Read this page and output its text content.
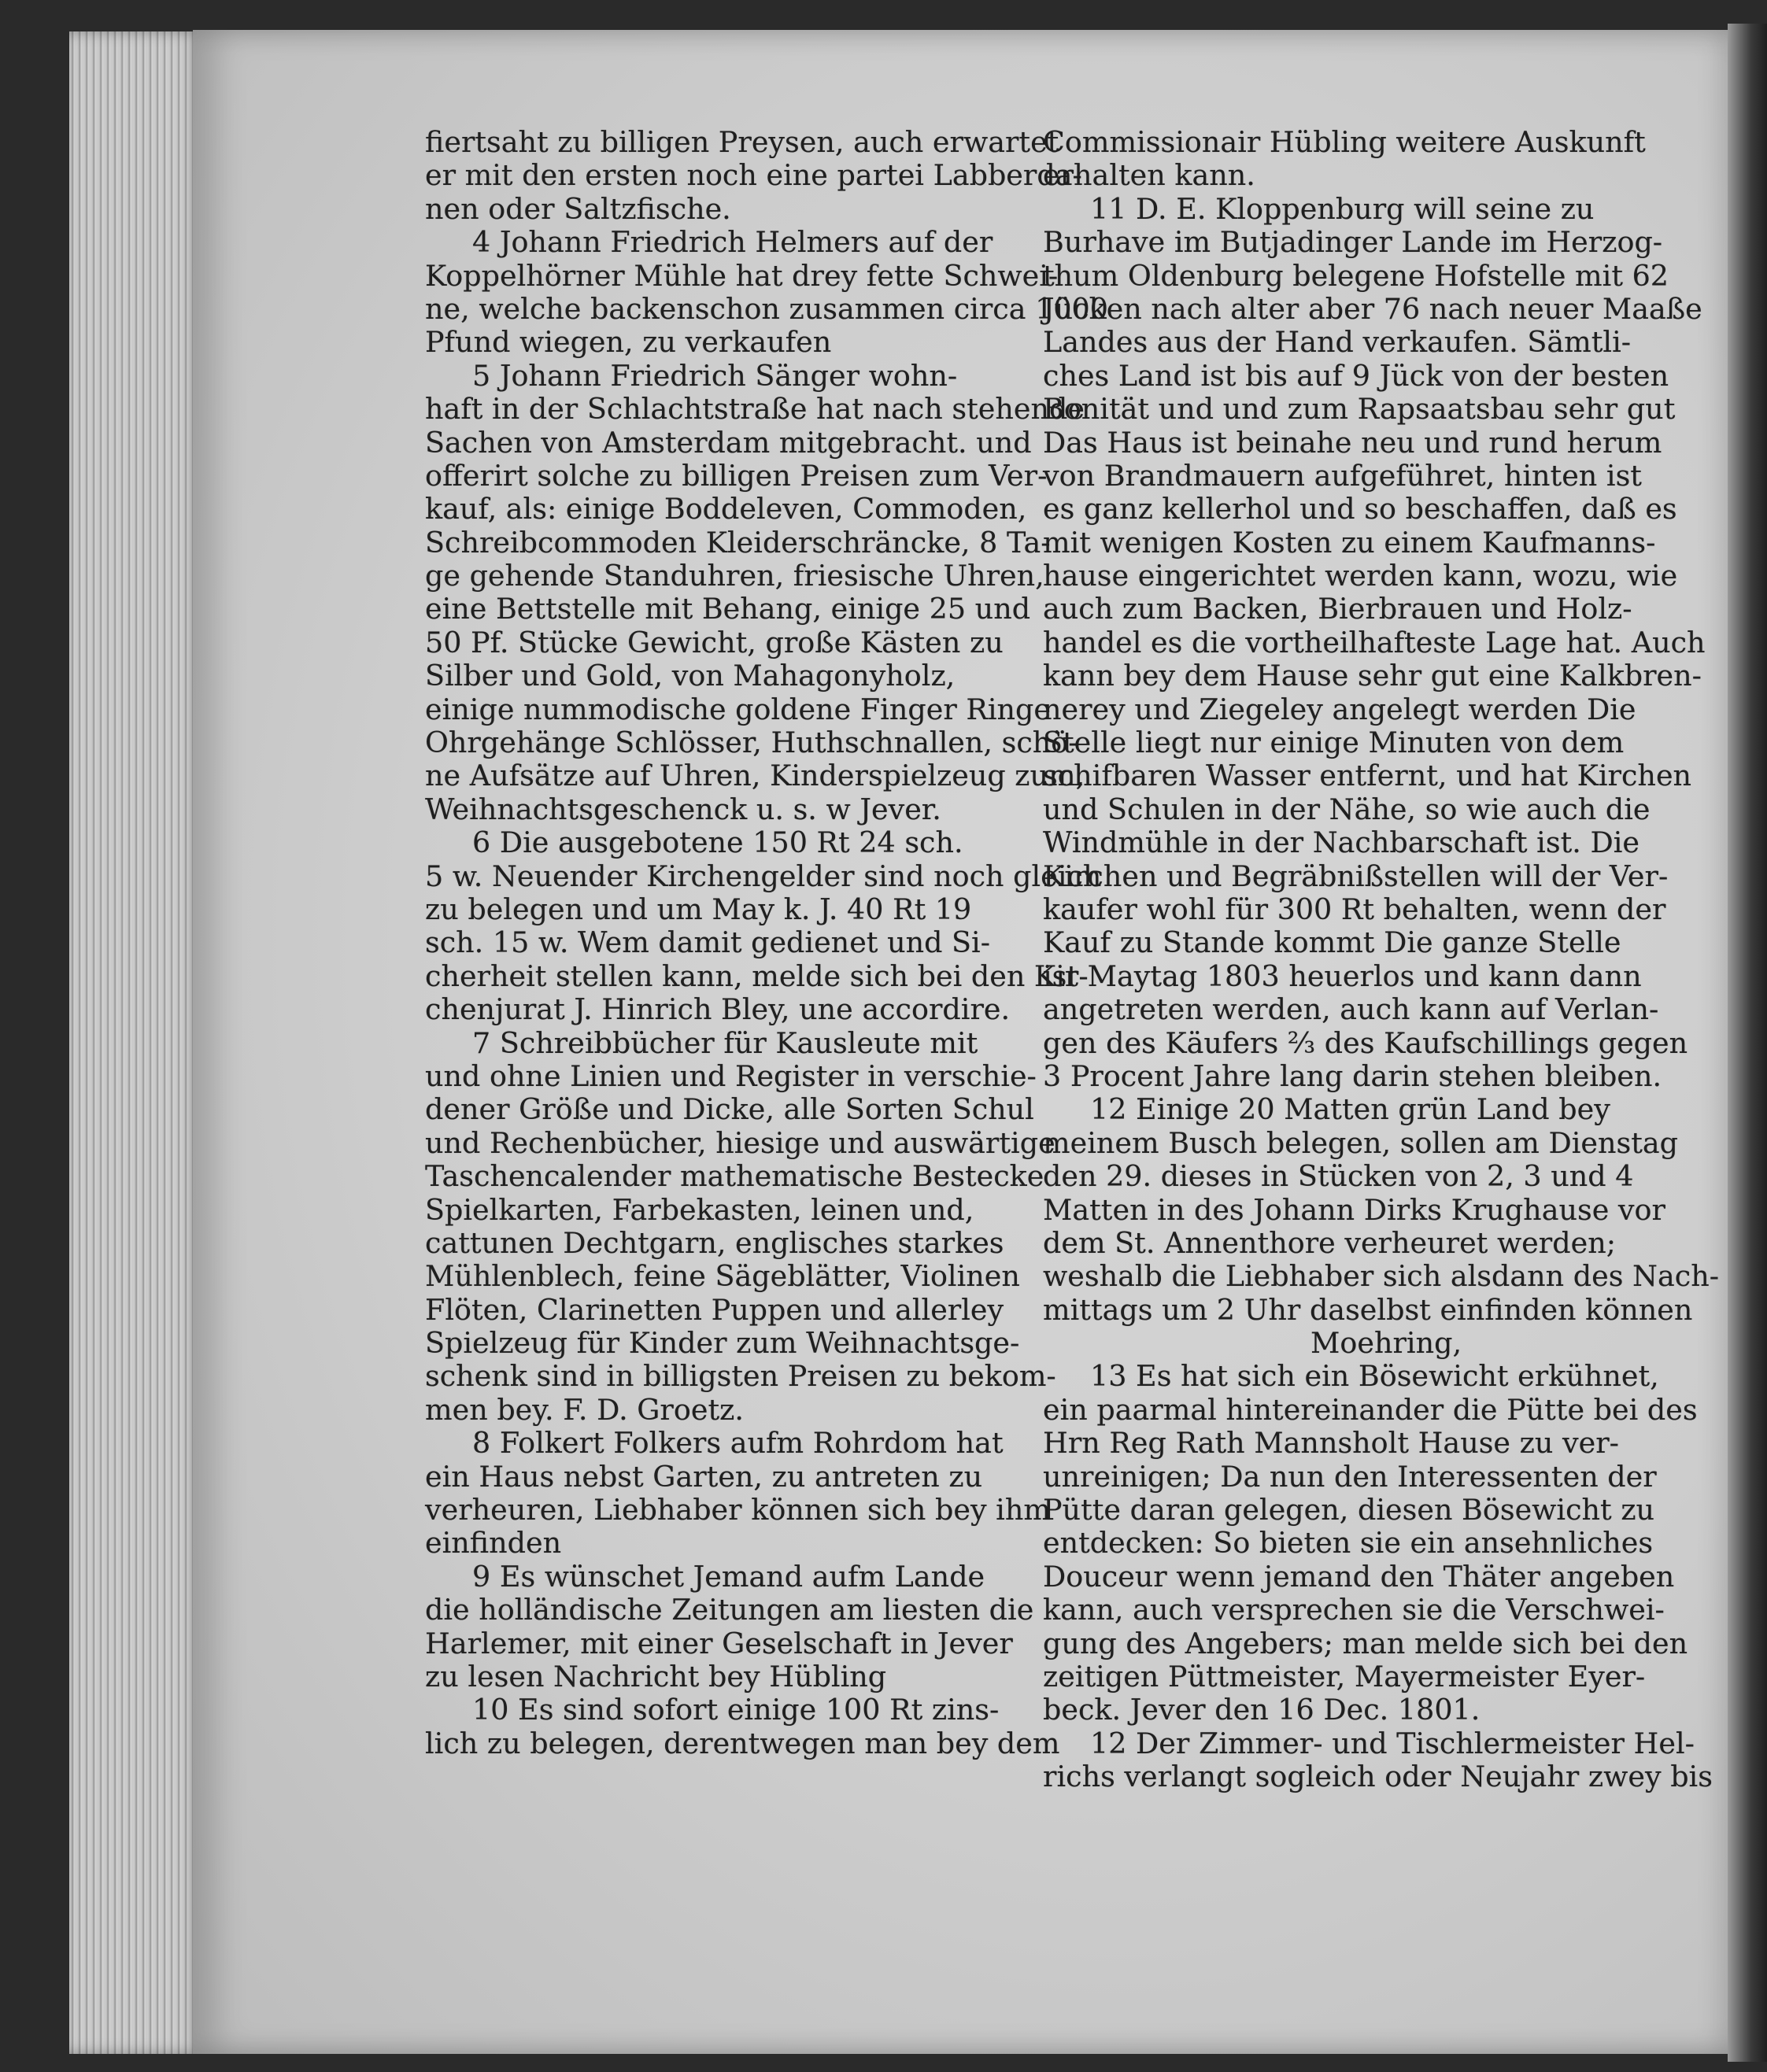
fiertsaht zu billigen Preysen, auch erwartet
er mit den ersten noch eine partei Labberda-
nen oder Saltzfische.
4 Johann Friedrich Helmers auf der
Koppelhörner Mühle hat drey fette Schwei-
ne, welche backenschon zusammen circa 1000
Pfund wiegen, zu verkaufen
5 Johann Friedrich Sänger wohn-
haft in der Schlachtstraße hat nach stehende
Sachen von Amsterdam mitgebracht. und
offerirt solche zu billigen Preisen zum Ver-
kauf, als: einige Boddeleven, Commoden,
Schreibcommoden Kleiderschräncke, 8 Ta-
ge gehende Standuhren, friesische Uhren,
eine Bettstelle mit Behang, einige 25 und
50 Pf. Stücke Gewicht, große Kästen zu
Silber und Gold, von Mahagonyholz,
einige nummodische goldene Finger Ringe
Ohrgehänge Schlösser, Huthschnallen, schö-
ne Aufsätze auf Uhren, Kinderspielzeug zum,
Weihnachtsgeschenck u. s. w Jever.
6 Die ausgebotene 150 Rt 24 sch.
5 w. Neuender Kirchengelder sind noch gleich
zu belegen und um May k. J. 40 Rt 19
sch. 15 w. Wem damit gedienet und Si-
cherheit stellen kann, melde sich bei den Kir-
chenjurat J. Hinrich Bley, une accordire.
7 Schreibbücher für Kausleute mit
und ohne Linien und Register in verschie-
dener Größe und Dicke, alle Sorten Schul
und Rechenbücher, hiesige und auswärtige
Taschencalender mathematische Bestecke
Spielkarten, Farbekasten, leinen und,
cattunen Dechtgarn, englisches starkes
Mühlenblech, feine Sägeblätter, Violinen
Flöten, Clarinetten Puppen und allerley
Spielzeug für Kinder zum Weihnachtsge-
schenk sind in billigsten Preisen zu bekom-
men bey. F. D. Groetz.
8 Folkert Folkers aufm Rohrdom hat
ein Haus nebst Garten, zu antreten zu
verheuren, Liebhaber können sich bey ihm
einfinden
9 Es wünschet Jemand aufm Lande
die holländische Zeitungen am liesten die
Harlemer, mit einer Geselschaft in Jever
zu lesen Nachricht bey Hübling
10 Es sind sofort einige 100 Rt zins-
lich zu belegen, derentwegen man bey dem
Commissionair Hübling weitere Auskunft
erhalten kann.
11 D. E. Kloppenburg will seine zu
Burhave im Butjadinger Lande im Herzog-
thum Oldenburg belegene Hofstelle mit 62
Jücken nach alter aber 76 nach neuer Maaße
Landes aus der Hand verkaufen. Sämtli-
ches Land ist bis auf 9 Jück von der besten
Bonität und und zum Rapsaatsbau sehr gut
Das Haus ist beinahe neu und rund herum
von Brandmauern aufgeführet, hinten ist
es ganz kellerhol und so beschaffen, daß es
mit wenigen Kosten zu einem Kaufmanns-
hause eingerichtet werden kann, wozu, wie
auch zum Backen, Bierbrauen und Holz-
handel es die vortheilhafteste Lage hat. Auch
kann bey dem Hause sehr gut eine Kalkbren-
nerey und Ziegeley angelegt werden Die
Stelle liegt nur einige Minuten von dem
schifbaren Wasser entfernt, und hat Kirchen
und Schulen in der Nähe, so wie auch die
Windmühle in der Nachbarschaft ist. Die
Kirchen und Begräbnißstellen will der Ver-
kaufer wohl für 300 Rt behalten, wenn der
Kauf zu Stande kommt Die ganze Stelle
ist Maytag 1803 heuerlos und kann dann
angetreten werden, auch kann auf Verlan-
gen des Käufers ⅔ des Kaufschillings gegen
3 Procent Jahre lang darin stehen bleiben.
12 Einige 20 Matten grün Land bey
meinem Busch belegen, sollen am Dienstag
den 29. dieses in Stücken von 2, 3 und 4
Matten in des Johann Dirks Krughause vor
dem St. Annenthore verheuret werden;
weshalb die Liebhaber sich alsdann des Nach-
mittags um 2 Uhr daselbst einfinden können
Moehring,
13 Es hat sich ein Bösewicht erkühnet,
ein paarmal hintereinander die Pütte bei des
Hrn Reg Rath Mannsholt Hause zu ver-
unreinigen; Da nun den Interessenten der
Pütte daran gelegen, diesen Bösewicht zu
entdecken: So bieten sie ein ansehnliches
Douceur wenn jemand den Thäter angeben
kann, auch versprechen sie die Verschwei-
gung des Angebers; man melde sich bei den
zeitigen Püttmeister, Mayermeister Eyer-
beck. Jever den 16 Dec. 1801.
12 Der Zimmer- und Tischlermeister Hel-
richs verlangt sogleich oder Neujahr zwey bis
